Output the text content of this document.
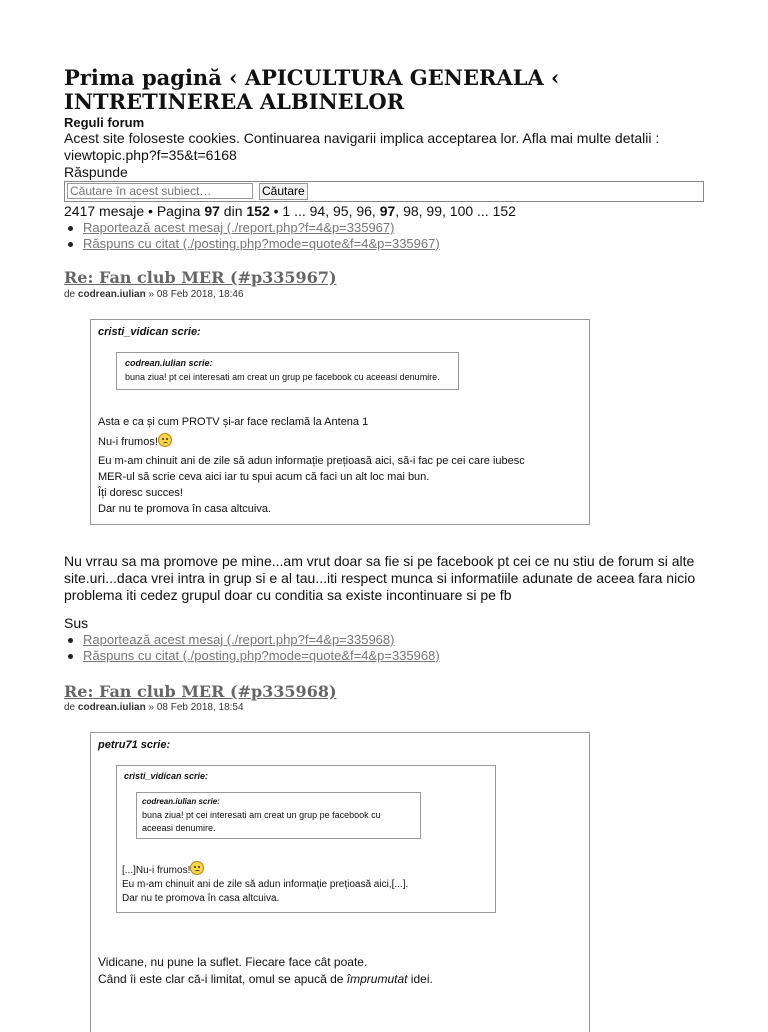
Prima pagină ‹ APICULTURA GENERALA ‹ INTRETINEREA ALBINELOR
Reguli forum
Acest site foloseste cookies. Continuarea navigarii implica acceptarea lor. Afla mai multe detalii : viewtopic.php?f=35&t=6168
Răspunde
Căutare în acest subiect…
Căutare
2417 mesaje • Pagina 97 din 152 • 1 ... 94, 95, 96, 97, 98, 99, 100 ... 152
Raportează acest mesaj (./report.php?f=4&p=335967)
Răspuns cu citat (./posting.php?mode=quote&f=4&p=335967)
Re: Fan club MER (#p335967)
de codrean.iulian » 08 Feb 2018, 18:46
cristi_vidican scrie:
codrean.iulian scrie:
buna ziua! pt cei interesati am creat un grup pe facebook cu aceeasi denumire.
Asta e ca și cum PROTV și-ar face reclamă la Antena 1
Nu-i frumos!
Eu m-am chinuit ani de zile să adun informație prețioasă aici, să-i fac pe cei care iubesc
MER-ul să scrie ceva aici iar tu spui acum că faci un alt loc mai bun.
Îți doresc succes!
Dar nu te promova în casa altcuiva.
Nu vrrau sa ma promove pe mine...am vrut doar sa fie si pe facebook pt cei ce nu stiu de forum si alte site.uri...daca vrei intra in grup si e al tau...iti respect munca si informatiile adunate de aceea fara nicio problema iti cedez grupul doar cu conditia sa existe incontinuare si pe fb
Sus
Raportează acest mesaj (./report.php?f=4&p=335968)
Răspuns cu citat (./posting.php?mode=quote&f=4&p=335968)
Re: Fan club MER (#p335968)
de codrean.iulian » 08 Feb 2018, 18:54
petru71 scrie:
cristi_vidican scrie:
codrean.iulian scrie:
buna ziua! pt cei interesati am creat un grup pe facebook cu aceeasi denumire.
[...]Nu-i frumos!
Eu m-am chinuit ani de zile să adun informație prețioasă aici,[...].
Dar nu te promova în casa altcuiva.
Vidicane, nu pune la suflet. Fiecare face cât poate.
Când îi este clar că-i limitat, omul se apucă de împrumutat idei.
